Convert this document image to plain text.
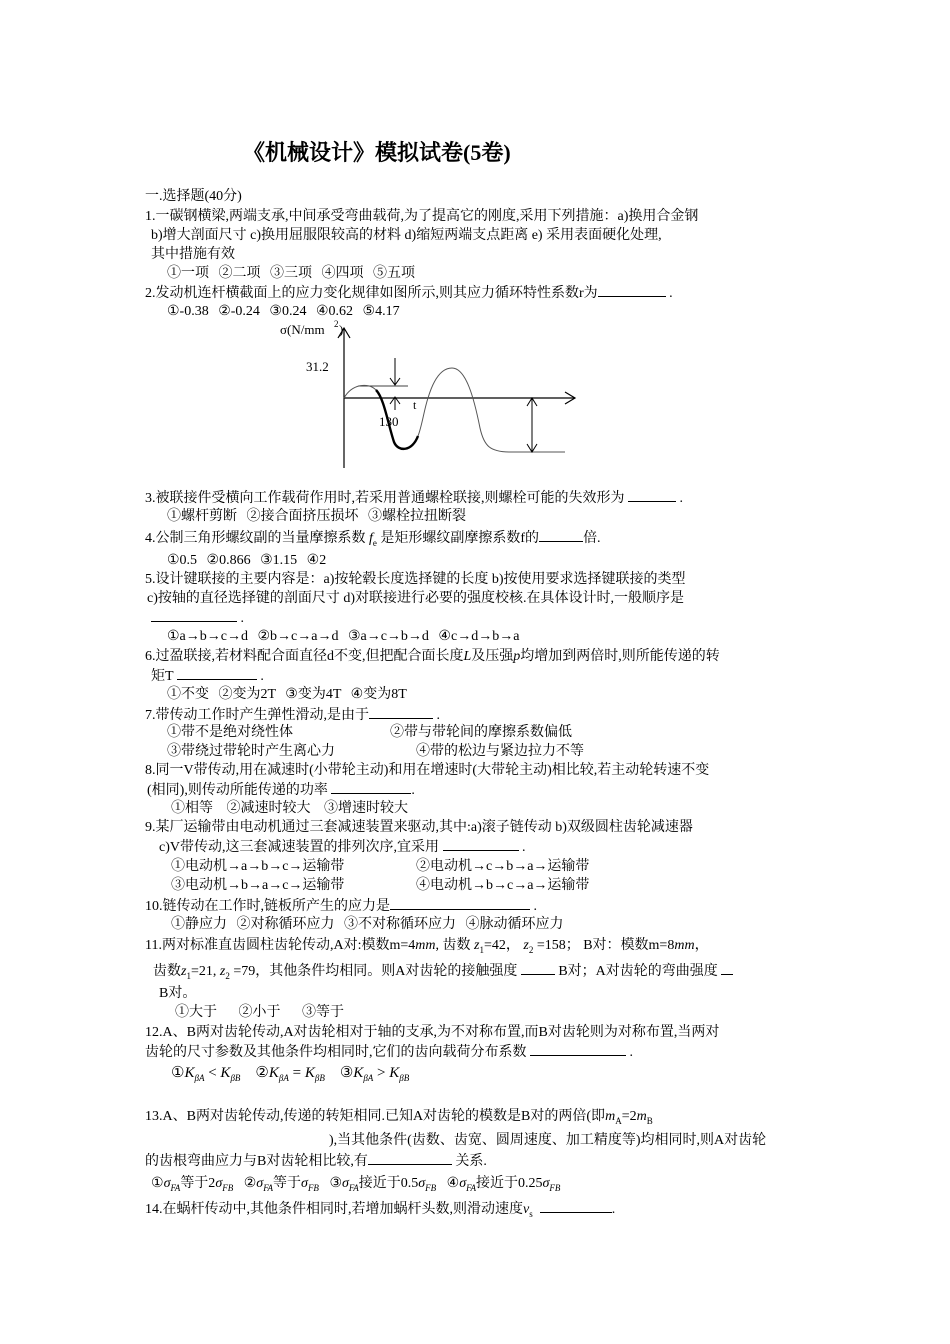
《机械设计》模拟试卷(5卷)
一.选择题(40分)
1.一碳钢横梁,两端支承,中间承受弯曲载荷,为了提高它的刚度,采用下列措施：a)换用合金钢
b)增大剖面尺寸 c)换用屈服限较高的材料 d)缩短两端支点距离 e) 采用表面硬化处理,
其中措施有效
①一项 ②二项 ③三项 ④四项 ⑤五项
2.发动机连杆横截面上的应力变化规律如图所示,则其应力循环特性系数r为	.
①-0.38 ②-0.24 ③0.24 ④0.62 ⑤4.17
σ(N/mm 2 )
31.2
t
130
3.被联接件受横向工作载荷作用时,若采用普通螺栓联接,则螺栓可能的失效形为	.
①螺杆剪断 ②接合面挤压损坏 ③螺栓拉扭断裂
4.公制三角形螺纹副的当量摩擦系数 $f_e$ 是矩形螺纹副摩擦系数f的	倍.
①0.5 ②0.866 ③1.15 ④2
5.设计键联接的主要内容是：a)按轮毂长度选择键的长度 b)按使用要求选择键联接的类型
c)按轴的直径选择键的剖面尺寸 d)对联接进行必要的强度校核.在具体设计时,一般顺序是
.
①a→b→c→d ②b→c→a→d ③a→c→b→d ④c→d→b→a
6.过盈联接,若材料配合面直径d不变,但把配合面长度L及压强p均增加到两倍时,则所能传递的转
矩T	.
①不变 ②变为2T ③变为4T ④变为8T
7.带传动工作时产生弹性滑动,是由于	.
①带不是绝对绕性体	②带与带轮间的摩擦系数偏低
③带绕过带轮时产生离心力	④带的松边与紧边拉力不等
8.同一V带传动,用在减速时(小带轮主动)和用在增速时(大带轮主动)相比较,若主动轮转速不变
(相同),则传动所能传递的功率	.
①相等 ②减速时较大 ③增速时较大
9.某厂运输带由电动机通过三套减速装置来驱动,其中:a)滚子链传动 b)双级圆柱齿轮减速器
c)V带传动,这三套减速装置的排列次序,宜采用	.
①电动机→a→b→c→运输带	②电动机→c→b→a→运输带
③电动机→b→a→c→运输带	④电动机→b→c→a→运输带
10.链传动在工作时,链板所产生的应力是	.
①静应力 ②对称循环应力 ③不对称循环应力 ④脉动循环应力
11.两对标准直齿圆柱齿轮传动,A对:模数m=4mm, 齿数 $z_1=42$， $z_2 =158$； B对：模数m=8mm，
齿数$z_1=21$, $z_2 =79$，其他条件均相同。则A对齿轮的接触强度	B对；A对齿轮的弯曲强度
B对。
①大于 ②小于 ③等于
12.A、B两对齿轮传动,A对齿轮相对于轴的支承,为不对称布置,而B对齿轮则为对称布置,当两对
齿轮的尺寸参数及其他条件均相同时,它们的齿向载荷分布系数	.
$①K_{\beta A} < K_{\beta B}$ $②K_{\beta A} = K_{\beta B}$ $③K_{\beta A} > K_{\beta B}$
13.A、B两对齿轮传动,传递的转矩相同.已知A对齿轮的模数是B对的两倍(即$m_A=2m_B$
),当其他条件(齿数、齿宽、圆周速度、加工精度等)均相同时,则A对齿轮
的齿根弯曲应力与B对齿轮相比较,有	关系.
$①\sigma_{FA}$等于$2\sigma_{FB}$ $②\sigma_{FA}$等于$\sigma_{FB}$ $③\sigma_{FA}$接近于$0.5\sigma_{FB}$ $④\sigma_{FA}$接近于$0.25\sigma_{FB}$
14.在蜗杆传动中,其他条件相同时,若增加蜗杆头数,则滑动速度$v_s$	.
